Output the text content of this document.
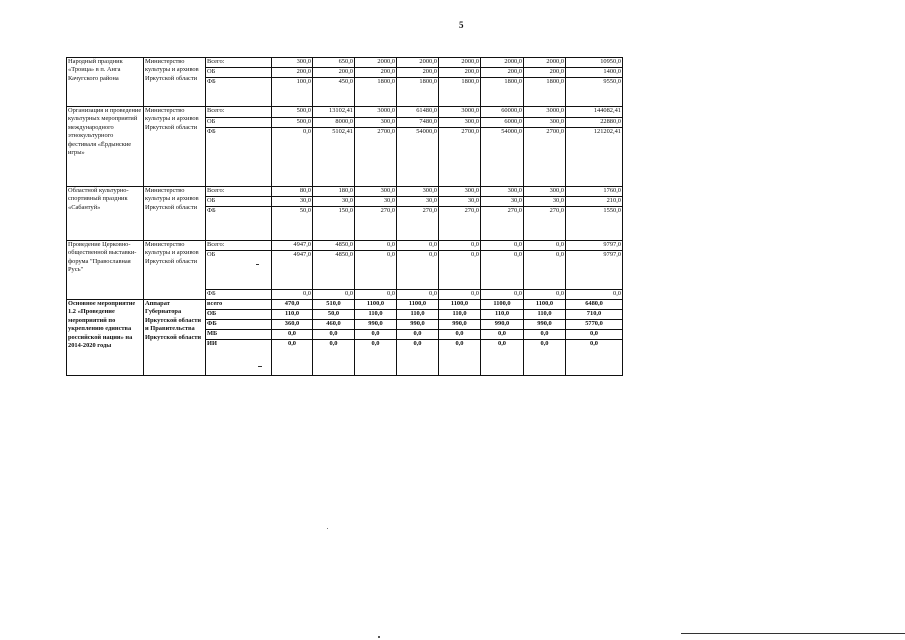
5
Народный праздник «Троица» в п. Анга Качугского района	Министерство культуры и архивов Иркутской области	Всего:	300,0	650,0	2000,0	2000,0	2000,0	2000,0	2000,0	10950,0
		ОБ	200,0	200,0	200,0	200,0	200,0	200,0	200,0	1400,0
		ФБ	100,0	450,0	1800,0	1800,0	1800,0	1800,0	1800,0	9550,0
Организация и проведение культурных мероприятий международного этнокультурного фестиваля «Ёрдынские игры»	Министерство культуры и архивов Иркутской области	Всего:	500,0	13102,41	3000,0	61480,0	3000,0	60000,0	3000,0	144082,41
		ОБ	500,0	8000,0	300,0	7480,0	300,0	6000,0	300,0	22880,0
		ФБ	0,0	5102,41	2700,0	54000,0	2700,0	54000,0	2700,0	121202,41
Областной культурно-спортивный праздник «Сабантуй»	Министерство культуры и архивов Иркутской области	Всего:	80,0	180,0	300,0	300,0	300,0	300,0	300,0	1760,0
		ОБ	30,0	30,0	30,0	30,0	30,0	30,0	30,0	210,0
		ФБ	50,0	150,0	270,0	270,0	270,0	270,0	270,0	1550,0
Проведение Церковно-общественной выставки-форума "Православная Русь"	Министерство культуры и архивов Иркутской области	Всего:	4947,0	4850,0	0,0	0,0	0,0	0,0	0,0	9797,0
		ОБ	4947,0	4850,0	0,0	0,0	0,0	0,0	0,0	9797,0
		ФБ	0,0	0,0	0,0	0,0	0,0	0,0	0,0	0,0
Основное мероприятие 1.2 «Проведение мероприятий по укреплению единства российской нации» на 2014-2020 годы	Аппарат Губернатора Иркутской области и Правительства Иркутской области	всего	470,0	510,0	1100,0	1100,0	1100,0	1100,0	1100,0	6480,0
		ОБ	110,0	50,0	110,0	110,0	110,0	110,0	110,0	710,0
		ФБ	360,0	460,0	990,0	990,0	990,0	990,0	990,0	5770,0
		МБ	0,0	0,0	0,0	0,0	0,0	0,0	0,0	0,0
		ИИ	0,0	0,0	0,0	0,0	0,0	0,0	0,0	0,0
